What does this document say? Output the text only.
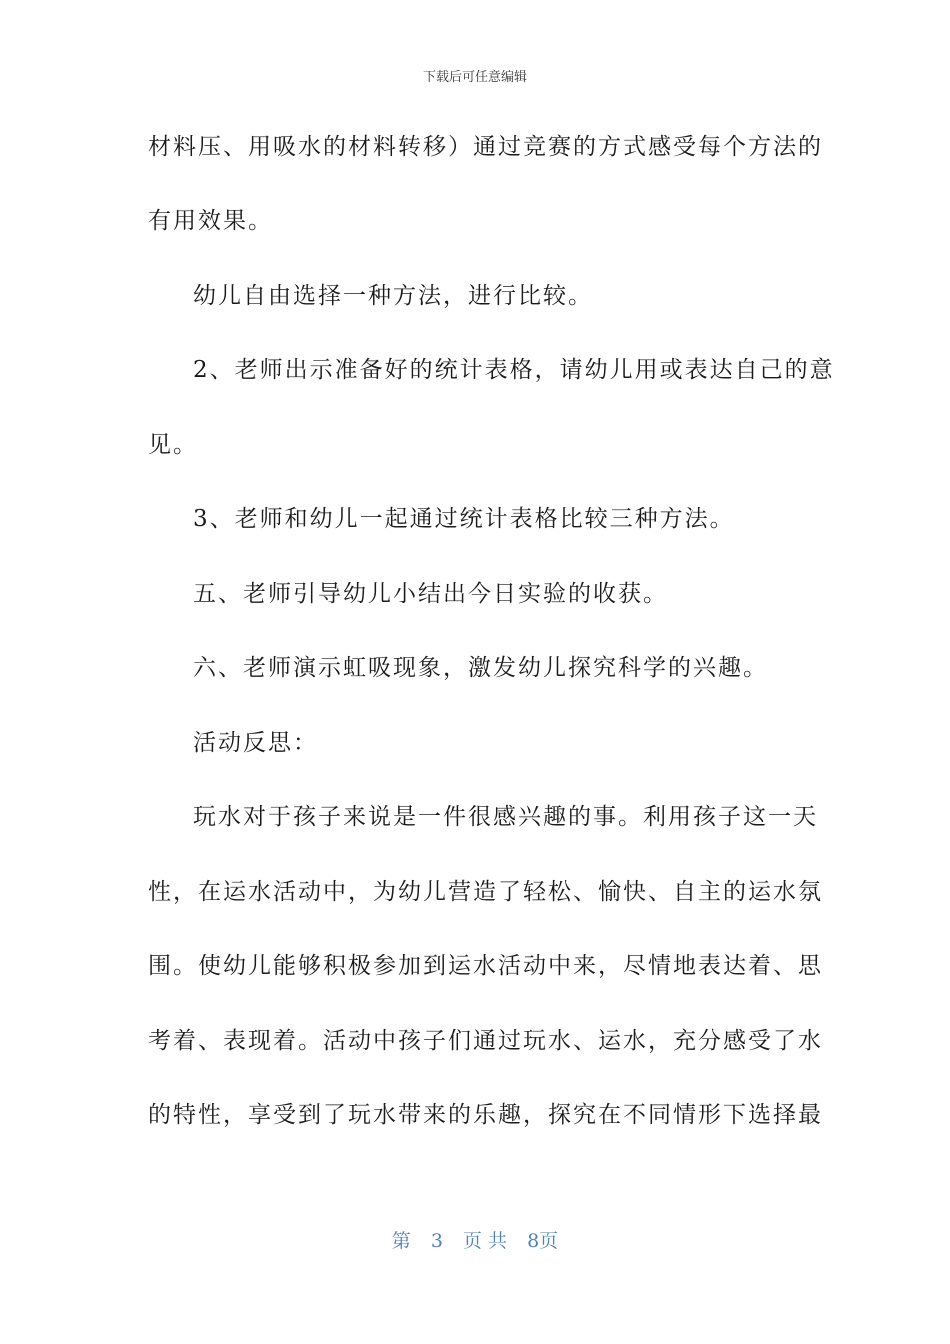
下载后可任意编辑
材料压、用吸水的材料转移）通过竞赛的方式感受每个方法的
有用效果。
幼儿自由选择一种方法，进行比较。
2、老师出示准备好的统计表格，请幼儿用或表达自己的意
见。
3、老师和幼儿一起通过统计表格比较三种方法。
五、老师引导幼儿小结出今日实验的收获。
六、老师演示虹吸现象，激发幼儿探究科学的兴趣。
活动反思：
玩水对于孩子来说是一件很感兴趣的事。利用孩子这一天
性，在运水活动中，为幼儿营造了轻松、愉快、自主的运水氛
围。使幼儿能够积极参加到运水活动中来，尽情地表达着、思
考着、表现着。活动中孩子们通过玩水、运水，充分感受了水
的特性，享受到了玩水带来的乐趣，探究在不同情形下选择最
第 3 页 共 8页
